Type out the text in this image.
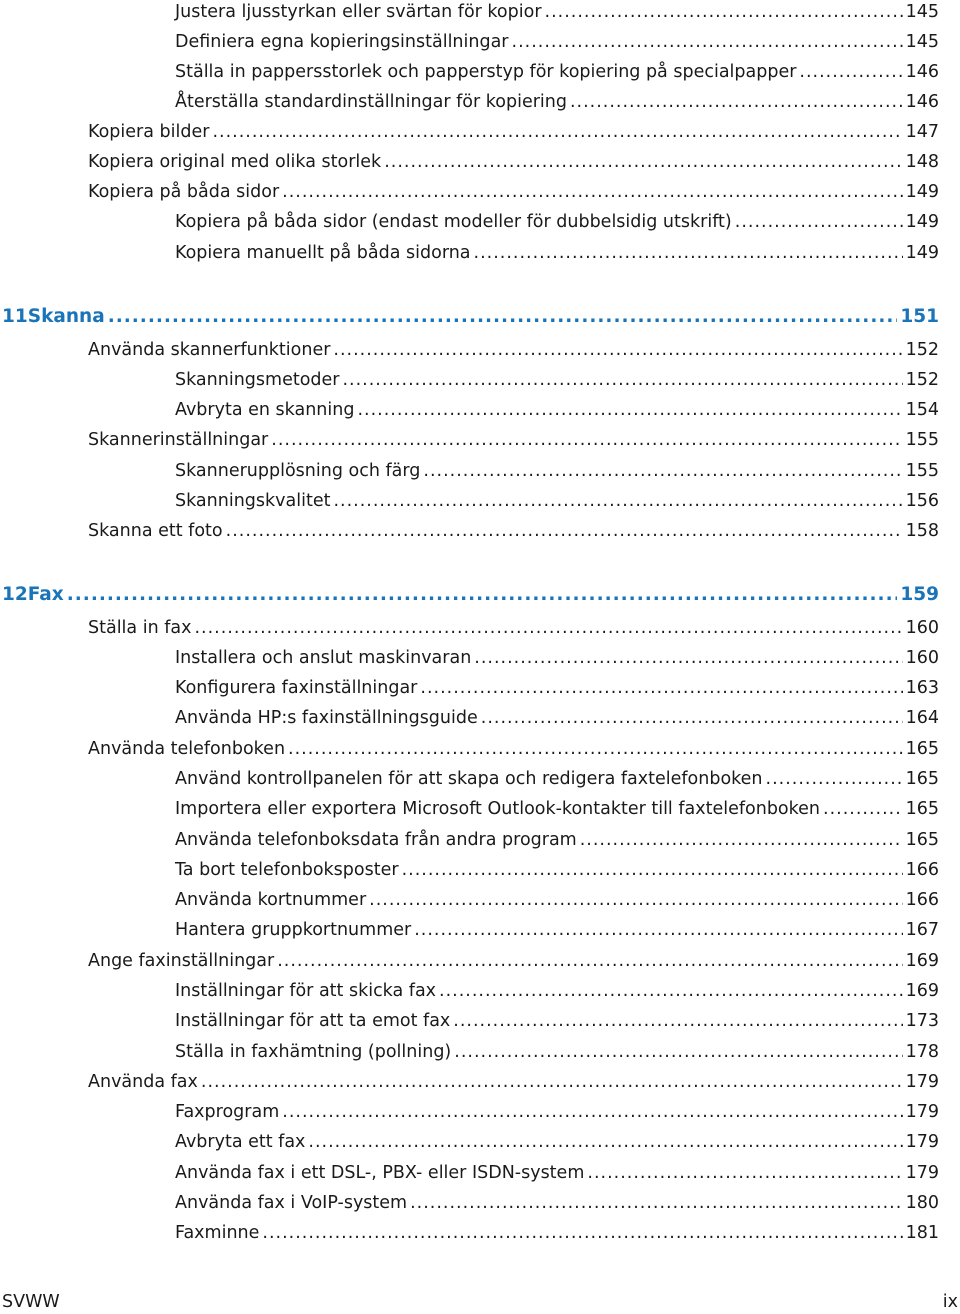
Justera ljusstyrkan eller svärtan för kopior .....	145
Definiera egna kopieringsinställningar .....	145
Ställa in pappersstorlek och papperstyp för kopiering på specialpapper .....	146
Återställa standardinställningar för kopiering .....	146
Kopiera bilder .....	147
Kopiera original med olika storlek .....	148
Kopiera på båda sidor .....	149
Kopiera på båda sidor (endast modeller för dubbelsidig utskrift) .....	149
Kopiera manuellt på båda sidorna .....	149
11 Skanna .....	151
Använda skannerfunktioner .....	152
Skanningsmetoder .....	152
Avbryta en skanning .....	154
Skannerinställningar .....	155
Skannerupplösning och färg .....	155
Skanningskvalitet .....	156
Skanna ett foto .....	158
12 Fax .....	159
Ställa in fax .....	160
Installera och anslut maskinvaran .....	160
Konfigurera faxinställningar .....	163
Använda HP:s faxinställningsguide .....	164
Använda telefonboken .....	165
Använd kontrollpanelen för att skapa och redigera faxtelefonboken .....	165
Importera eller exportera Microsoft Outlook-kontakter till faxtelefonboken .....	165
Använda telefonboksdata från andra program .....	165
Ta bort telefonboksposter .....	166
Använda kortnummer .....	166
Hantera gruppkortnummer .....	167
Ange faxinställningar .....	169
Inställningar för att skicka fax .....	169
Inställningar för att ta emot fax .....	173
Ställa in faxhämtning (pollning) .....	178
Använda fax .....	179
Faxprogram .....	179
Avbryta ett fax .....	179
Använda fax i ett DSL-, PBX- eller ISDN-system .....	179
Använda fax i VoIP-system .....	180
Faxminne .....	181
SVWW	ix
